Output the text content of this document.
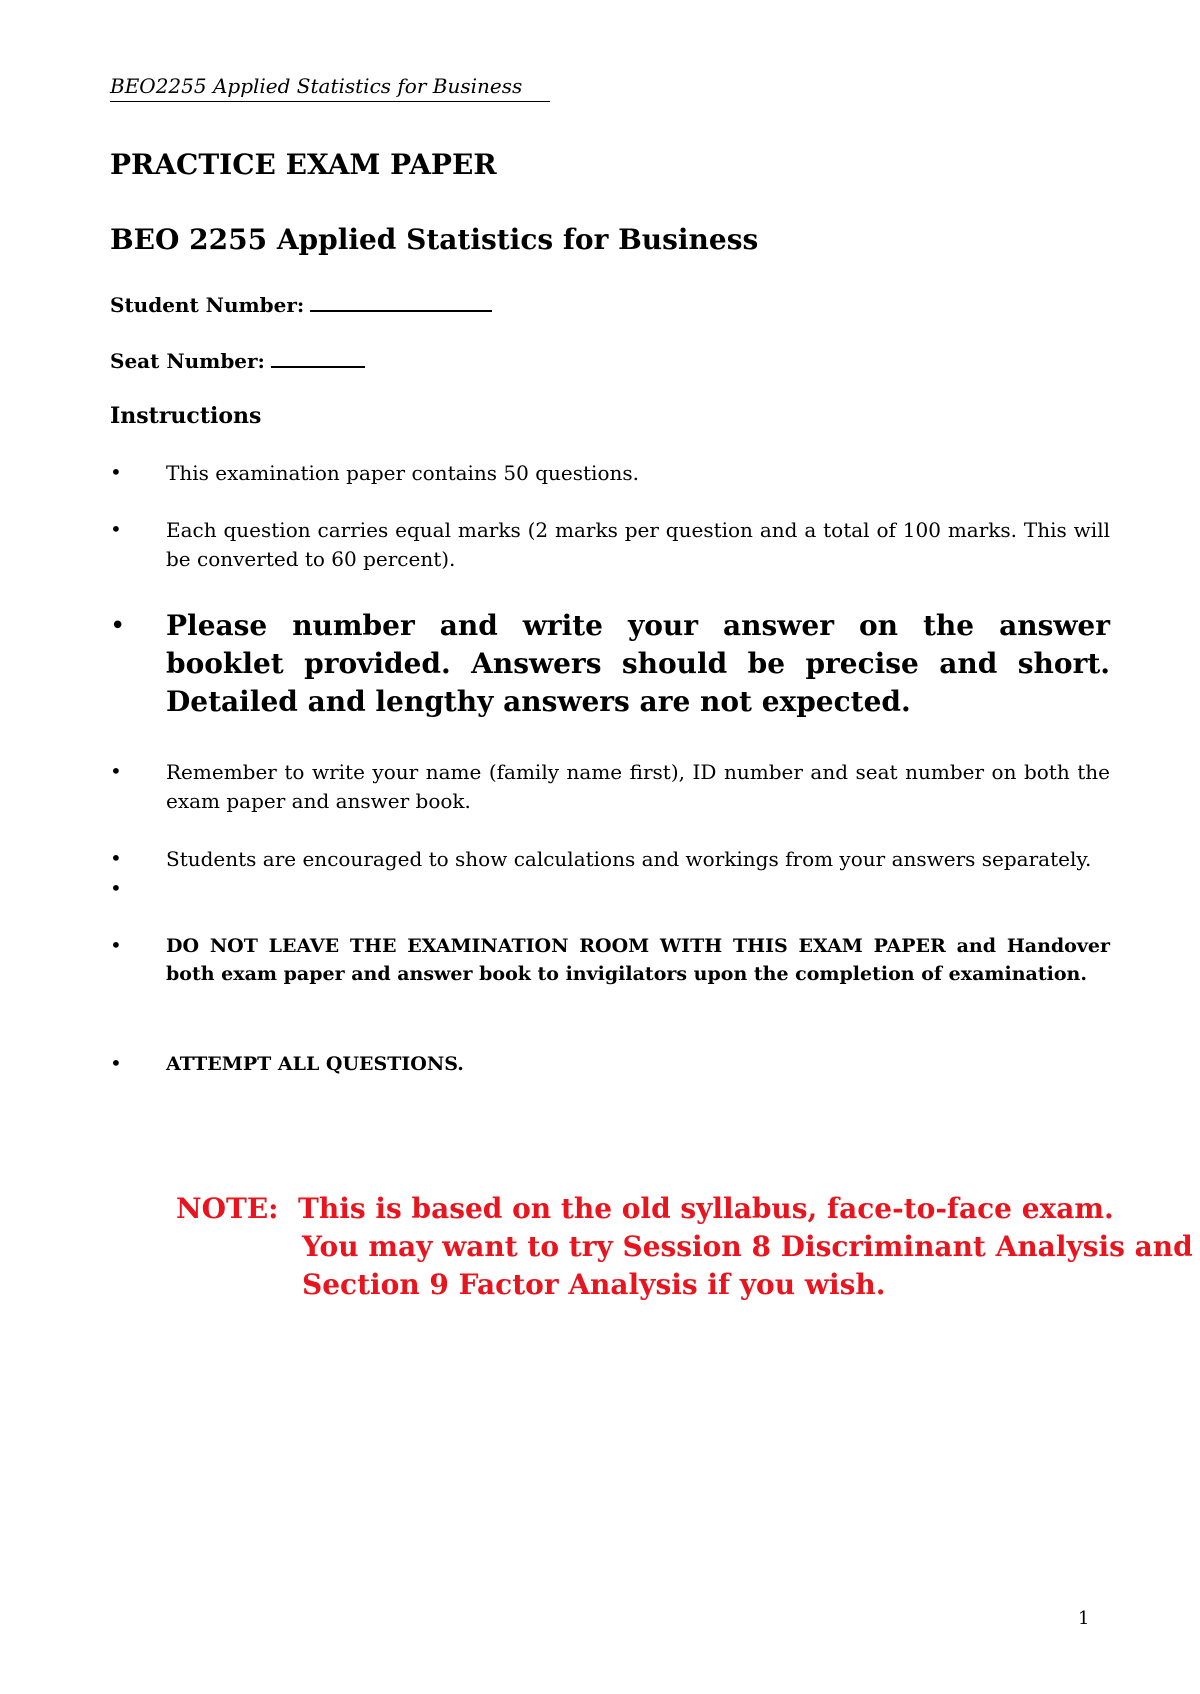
BEO2255 Applied Statistics for Business
PRACTICE EXAM PAPER
BEO 2255 Applied Statistics for Business
Student Number:
Seat Number:
Instructions
• This examination paper contains 50 questions.
• Each question carries equal marks (2 marks per question and a total of 100 marks. This will be converted to 60 percent).
• Please number and write your answer on the answer booklet provided. Answers should be precise and short. Detailed and lengthy answers are not expected.
• Remember to write your name (family name first), ID number and seat number on both the exam paper and answer book.
• Students are encouraged to show calculations and workings from your answers separately.
•
• DO NOT LEAVE THE EXAMINATION ROOM WITH THIS EXAM PAPER and Handover both exam paper and answer book to invigilators upon the completion of examination.
• ATTEMPT ALL QUESTIONS.
NOTE: This is based on the old syllabus, face-to-face exam.
You may want to try Session 8 Discriminant Analysis and
Section 9 Factor Analysis if you wish.
1
